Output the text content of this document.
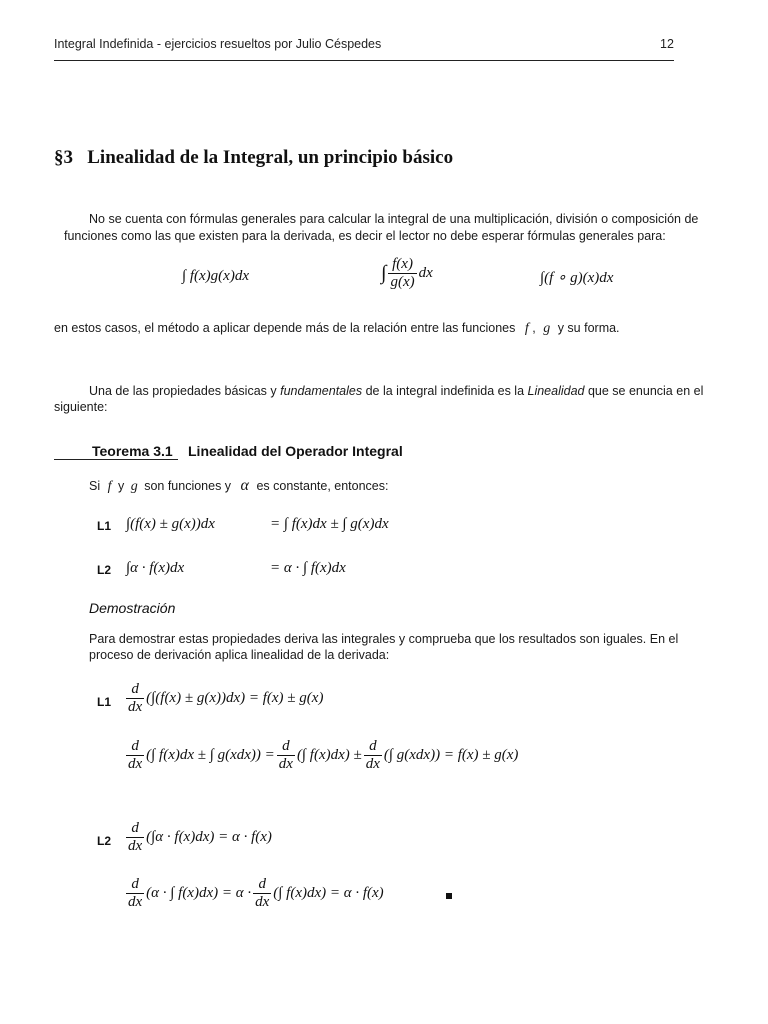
Integral Indefinida - ejercicios resueltos por Julio Céspedes	12
§3   Linealidad de la Integral, un principio básico
No se cuenta con fórmulas generales para calcular la integral de una multiplicación, división o composición de
funciones como las que existen para la derivada, es decir el lector no debe esperar fórmulas generales para:
∫ f(x)g(x)dx	∫ $\frac{f(x)}{g(x)}$ dx	∫(f ∘ g)(x)dx
en estos casos, el método a aplicar depende más de la relación entre las funciones f , g y su forma.
Una de las propiedades básicas y fundamentales de la integral indefinida es la Linealidad que se enuncia en el
siguiente:
Teorema 3.1 Linealidad del Operador Integral
Si f y g son funciones y α es constante, entonces:
L1 ∫(f(x) ± g(x))dx	= ∫ f(x)dx ± ∫ g(x)dx
L2 ∫α · f(x)dx	= α · ∫ f(x)dx
Demostración
Para demostrar estas propiedades deriva las integrales y comprueba que los resultados son iguales. En el
proceso de derivación aplica linealidad de la derivada:
$L1 \frac{d}{dx} (\int(f(x) \pm g(x))dx) = f(x) \pm g(x)$
$\frac{d}{dx}$ (∫ f(x)dx ± ∫ $g(xdx)) = \frac{d}{dx}$ (∫ $f(x)dx) \pm \frac{d}{dx}$ (∫ g(xdx)) = f(x) ± g(x)
$L2 \frac{d}{dx} (\int\alpha \cdot f(x)dx) = \alpha \cdot f(x)$
$\frac{d}{dx} (\alpha$ · ∫ $f(x)dx) = \alpha \cdot \frac{d}{dx}$ (∫ f(x)dx) = α · f(x)
